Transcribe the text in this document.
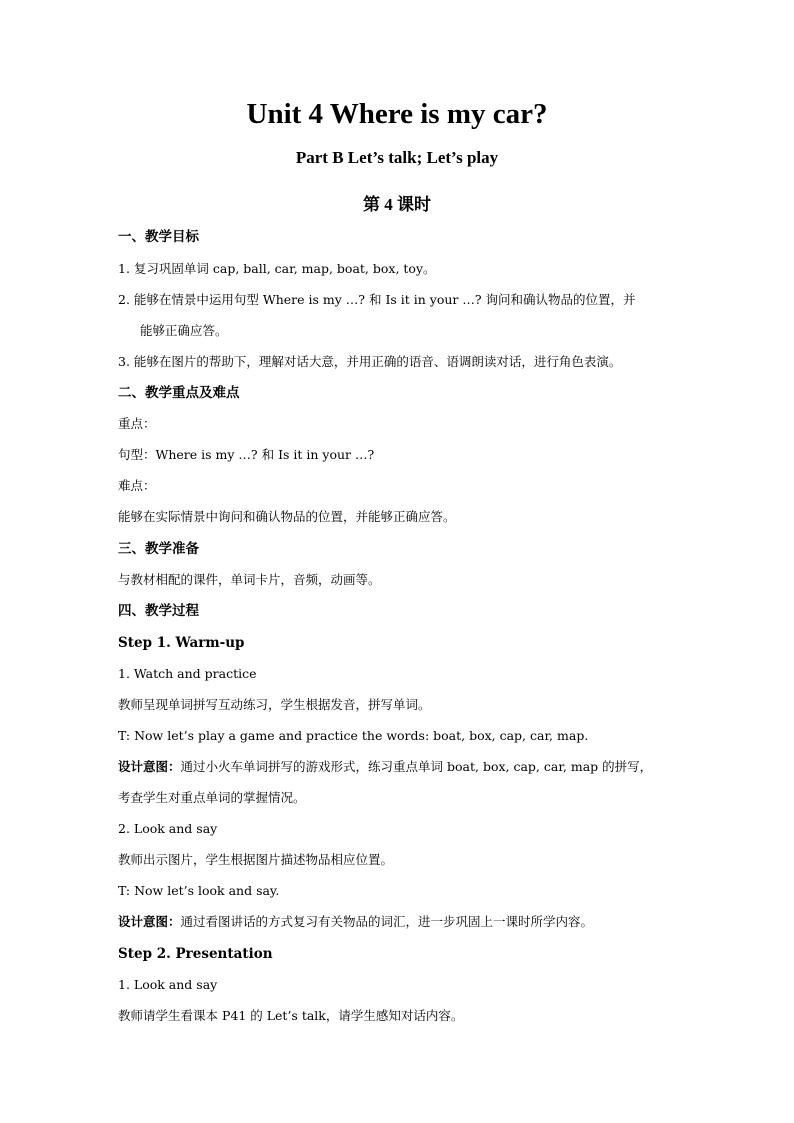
Unit 4 Where is my car?
Part B Let’s talk; Let’s play
第 4 课时
一、教学目标
1. 复习巩固单词 cap, ball, car, map, boat, box, toy。
2. 能够在情景中运用句型 Where is my …? 和 Is it in your …? 询问和确认物品的位置，并
能够正确应答。
3. 能够在图片的帮助下，理解对话大意，并用正确的语音、语调朗读对话，进行角色表演。
二、教学重点及难点
重点：
句型：Where is my …? 和 Is it in your …?
难点：
能够在实际情景中询问和确认物品的位置，并能够正确应答。
三、教学准备
与教材相配的课件，单词卡片，音频，动画等。
四、教学过程
Step 1. Warm-up
1. Watch and practice
教师呈现单词拼写互动练习，学生根据发音，拼写单词。
T: Now let’s play a game and practice the words: boat, box, cap, car, map.
设计意图：通过小火车单词拼写的游戏形式，练习重点单词 boat, box, cap, car, map 的拼写，
考查学生对重点单词的掌握情况。
2. Look and say
教师出示图片，学生根据图片描述物品相应位置。
T: Now let’s look and say.
设计意图：通过看图讲话的方式复习有关物品的词汇，进一步巩固上一课时所学内容。
Step 2. Presentation
1. Look and say
教师请学生看课本 P41 的 Let’s talk，请学生感知对话内容。
